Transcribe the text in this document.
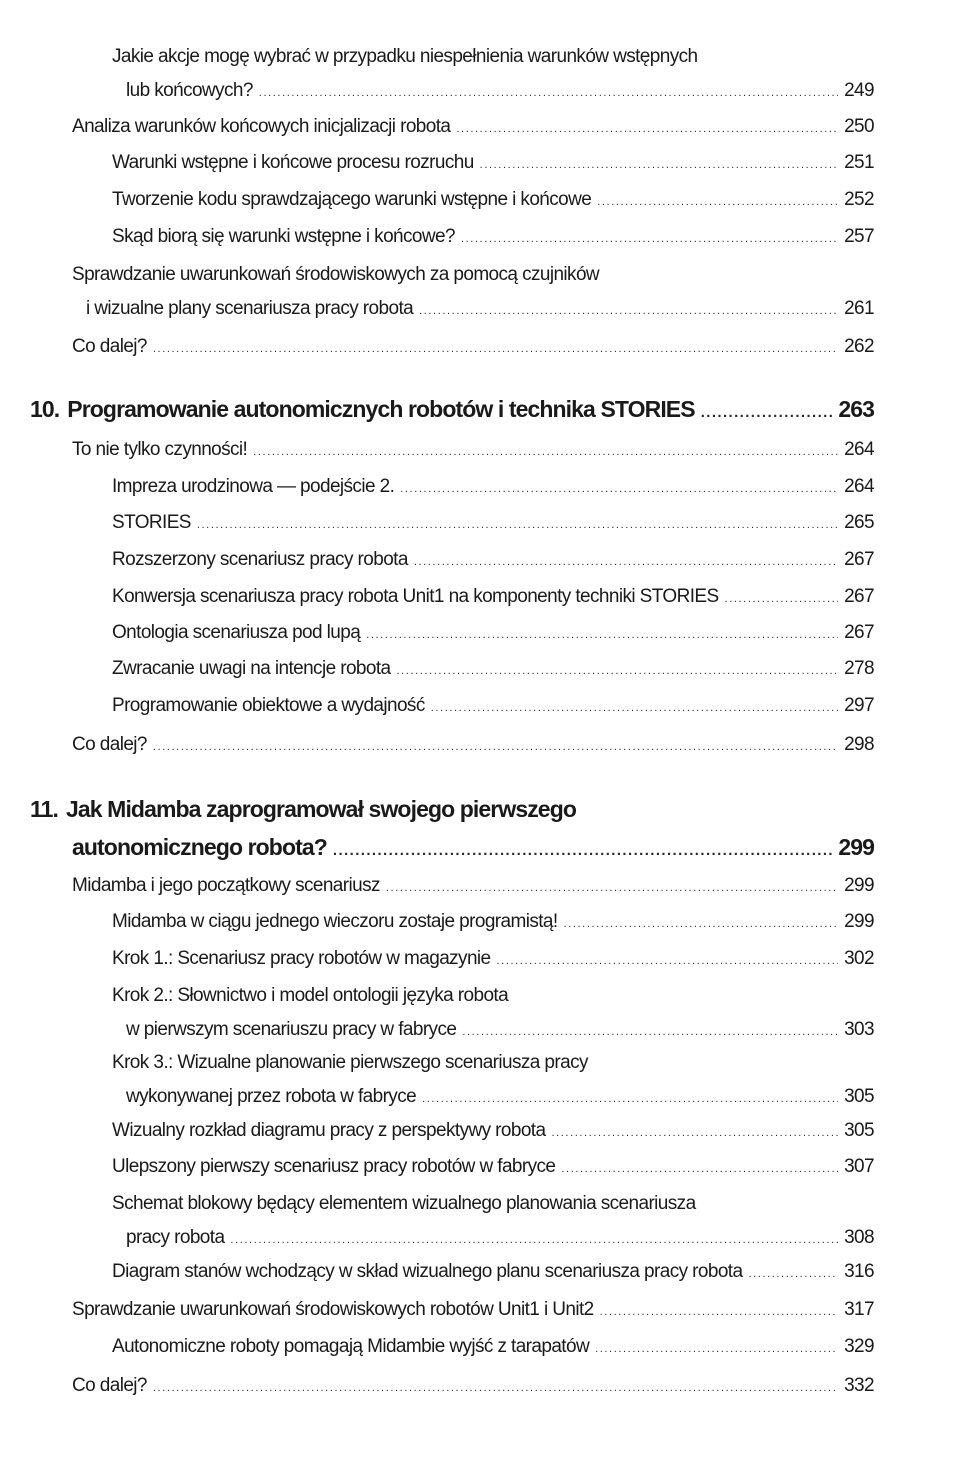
Jakie akcje mogę wybrać w przypadku niespełnienia warunków wstępnych
lub końcowych? .....	249
Analiza warunków końcowych inicjalizacji robota .....	250
Warunki wstępne i końcowe procesu rozruchu .....	251
Tworzenie kodu sprawdzającego warunki wstępne i końcowe .....	252
Skąd biorą się warunki wstępne i końcowe? .....	257
Sprawdzanie uwarunkowań środowiskowych za pomocą czujników
i wizualne plany scenariusza pracy robota .....	261
Co dalej? .....	262
10. Programowanie autonomicznych robotów i technika STORIES .....	263
To nie tylko czynności! .....	264
Impreza urodzinowa — podejście 2. .....	264
STORIES .....	265
Rozszerzony scenariusz pracy robota .....	267
Konwersja scenariusza pracy robota Unit1 na komponenty techniki STORIES .....	267
Ontologia scenariusza pod lupą .....	267
Zwracanie uwagi na intencje robota .....	278
Programowanie obiektowe a wydajność .....	297
Co dalej? .....	298
11. Jak Midamba zaprogramował swojego pierwszego
autonomicznego robota? .....	299
Midamba i jego początkowy scenariusz .....	299
Midamba w ciągu jednego wieczoru zostaje programistą! .....	299
Krok 1.: Scenariusz pracy robotów w magazynie .....	302
Krok 2.: Słownictwo i model ontologii języka robota
w pierwszym scenariuszu pracy w fabryce .....	303
Krok 3.: Wizualne planowanie pierwszego scenariusza pracy
wykonywanej przez robota w fabryce .....	305
Wizualny rozkład diagramu pracy z perspektywy robota .....	305
Ulepszony pierwszy scenariusz pracy robotów w fabryce .....	307
Schemat blokowy będący elementem wizualnego planowania scenariusza
pracy robota .....	308
Diagram stanów wchodzący w skład wizualnego planu scenariusza pracy robota .....	316
Sprawdzanie uwarunkowań środowiskowych robotów Unit1 i Unit2 .....	317
Autonomiczne roboty pomagają Midambie wyjść z tarapatów .....	329
Co dalej? .....	332
